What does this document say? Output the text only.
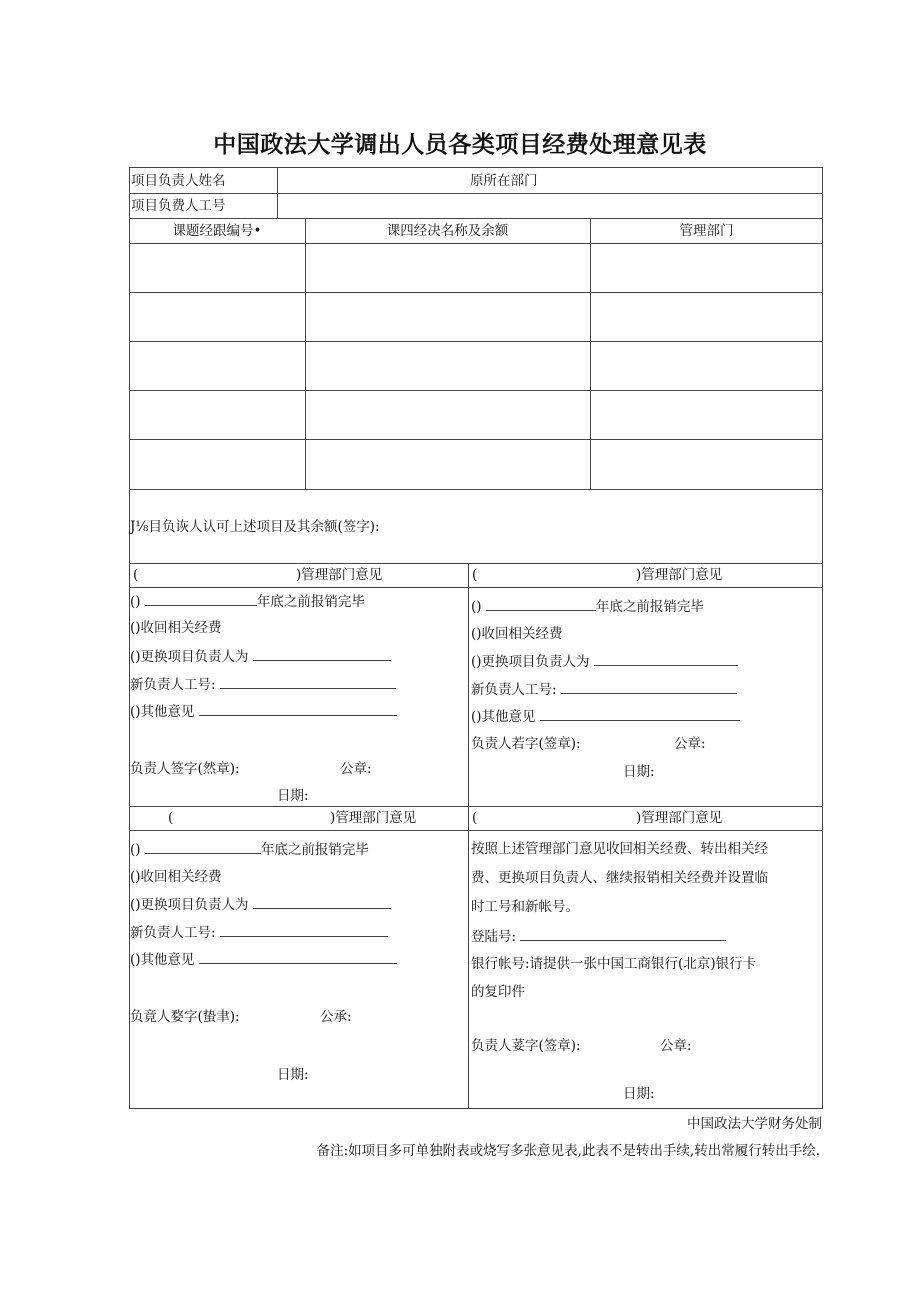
中国政法大学调出人员各类项目经费处理意见表
项目负责人姓名	原所在部门
项目负费人工号
课题经跟编号•	课四经决名称及余额	管理部门
J⅛目负诙人认可上述项目及其余额(签字):
(	)管理部门意见
()	年底之前报销完毕
()收回相关经费
()更换项目负责人为
新负责人工号:
()其他意见
负责人签字(然章):	公章:
日期:
(	)管理部门意见
()	年底之前报销完毕
()收回相关经费
()更换项目负责人为
新负责人工号:
()其他意见
负责人若字(签章):	公章:
日期:
(	)管理部门意见
()	年底之前报销完毕
()收回相关经费
()更换项目负责人为
新负责人工号:
()其他意见
负竟人婺字(蛰聿):	公承:
日期:
(	)管理部门意见
按照上述管理部门意见收回相关经费、转出相关经
费、更换项目负责人、继续报销相关经费并设置临
时工号和新帐号。
登陆号:
银行帐号:请提供一张中国工商银行(北京)银行卡
的复印件
负责人荽字(签章):	公章:
日期:
中国政法大学财务处制
备注:如项目多可单独附表或烧写多张意见表,此表不是转出手续,转出常履行转出手绘.
